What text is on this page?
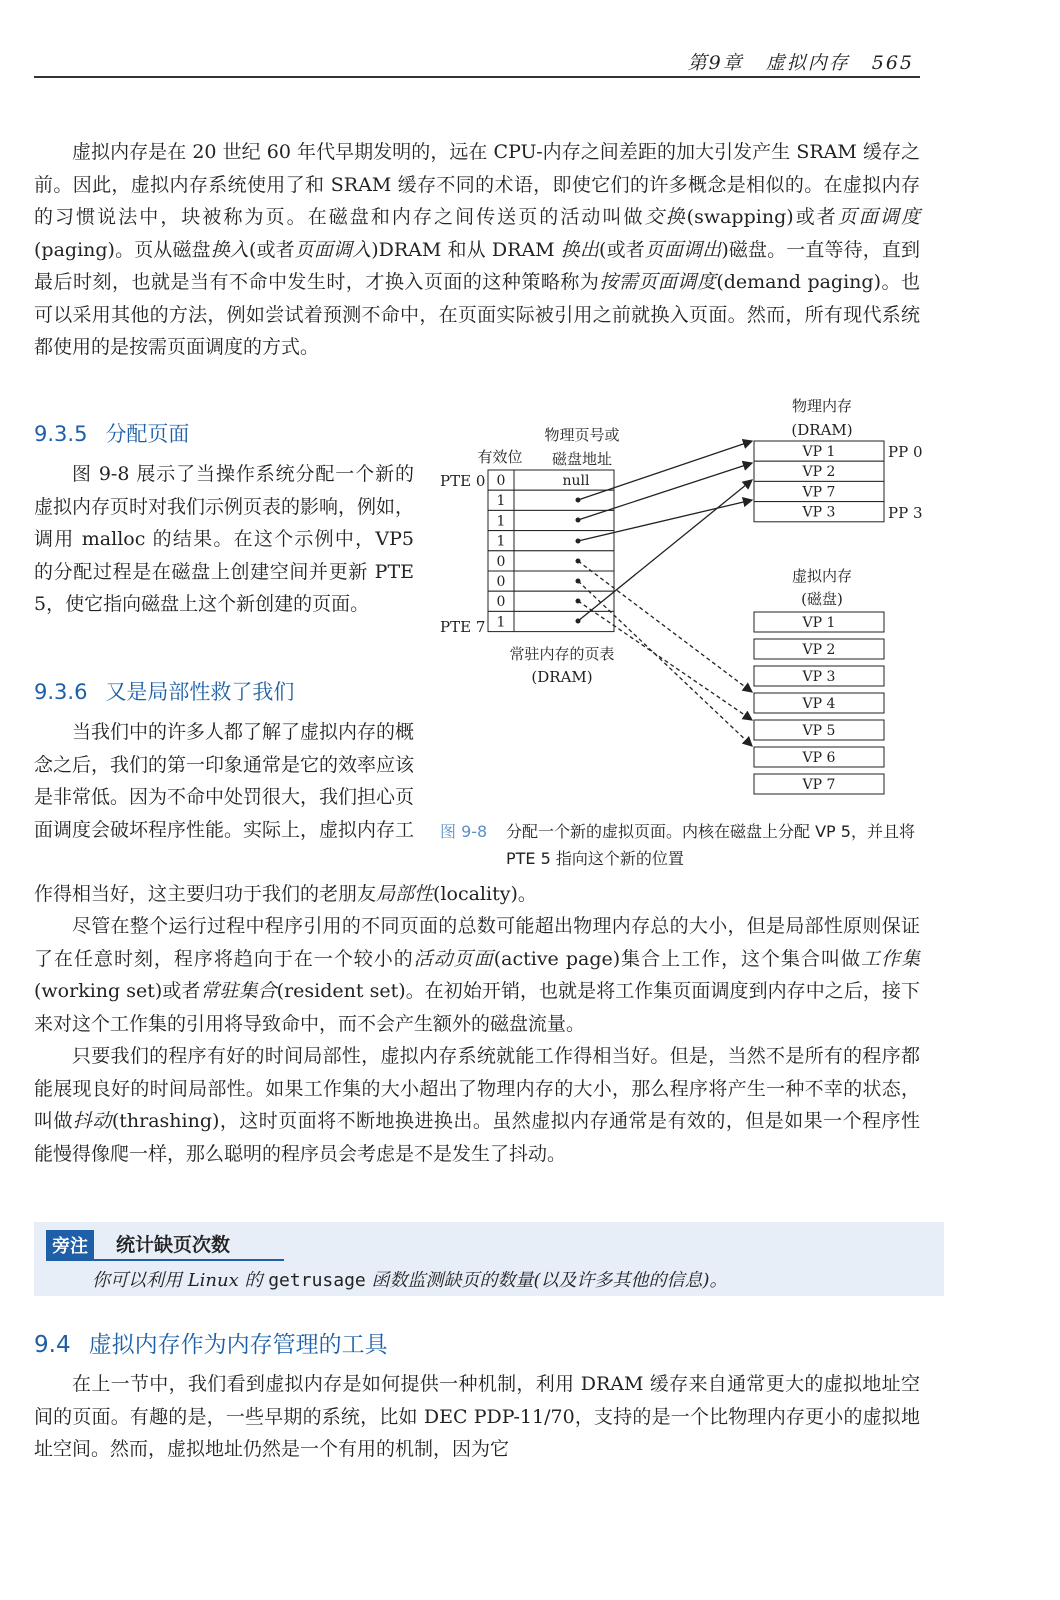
第9章 虚拟内存 565

虚拟内存是在 20 世纪 60 年代早期发明的，远在 CPU-内存之间差距的加大引发产生 SRAM 缓存之前。因此，虚拟内存系统使用了和 SRAM 缓存不同的术语，即使它们的许多概念是相似的。在虚拟内存的习惯说法中，块被称为页。在磁盘和内存之间传送页的活动叫做交换(swapping)或者页面调度(paging)。页从磁盘换入(或者页面调入)DRAM 和从 DRAM 换出(或者页面调出)磁盘。一直等待，直到最后时刻，也就是当有不命中发生时，才换入页面的这种策略称为按需页面调度(demand paging)。也可以采用其他的方法，例如尝试着预测不命中，在页面实际被引用之前就换入页面。然而，所有现代系统都使用的是按需页面调度的方式。

9.3.5 分配页面

图 9-8 展示了当操作系统分配一个新的虚拟内存页时对我们示例页表的影响，例如，调用 malloc 的结果。在这个示例中，VP5 的分配过程是在磁盘上创建空间并更新 PTE 5，使它指向磁盘上这个新创建的页面。

9.3.6 又是局部性救了我们

当我们中的许多人都了解了虚拟内存的概念之后，我们的第一印象通常是它的效率应该是非常低。因为不命中处罚很大，我们担心页面调度会破坏程序性能。实际上，虚拟内存工

作得相当好，这主要归功于我们的老朋友局部性(locality)。

尽管在整个运行过程中程序引用的不同页面的总数可能超出物理内存总的大小，但是局部性原则保证了在任意时刻，程序将趋向于在一个较小的活动页面(active page)集合上工作，这个集合叫做工作集(working set)或者常驻集合(resident set)。在初始开销，也就是将工作集页面调度到内存中之后，接下来对这个工作集的引用将导致命中，而不会产生额外的磁盘流量。

只要我们的程序有好的时间局部性，虚拟内存系统就能工作得相当好。但是，当然不是所有的程序都能展现良好的时间局部性。如果工作集的大小超出了物理内存的大小，那么程序将产生一种不幸的状态，叫做抖动(thrashing)，这时页面将不断地换进换出。虽然虚拟内存通常是有效的，但是如果一个程序性能慢得像爬一样，那么聪明的程序员会考虑是不是发生了抖动。

旁注	统计缺页次数
你可以利用 Linux 的 getrusage 函数监测缺页的数量(以及许多其他的信息)。
9.4 虚拟内存作为内存管理的工具

在上一节中，我们看到虚拟内存是如何提供一种机制，利用 DRAM 缓存来自通常更大的虚拟地址空间的页面。有趣的是，一些早期的系统，比如 DEC PDP-11/70，支持的是一个比物理内存更小的虚拟地址空间。然而，虚拟地址仍然是一个有用的机制，因为它

物理页号或
有效位 磁盘地址
0
1
1
1
0
0
0
1
null
PTE 0
PTE 7
常驻内存的页表
(DRAM)
物理内存
(DRAM)
VP 1
VP 2
VP 7
VP 3
PP 0
PP 3
虚拟内存
(磁盘)
VP 1
VP 2
VP 3
VP 4
VP 5
VP 6
VP 7
图 9-8 分配一个新的虚拟页面。内核在磁盘上分配 VP 5，并且将 PTE 5 指向这个新的位置
